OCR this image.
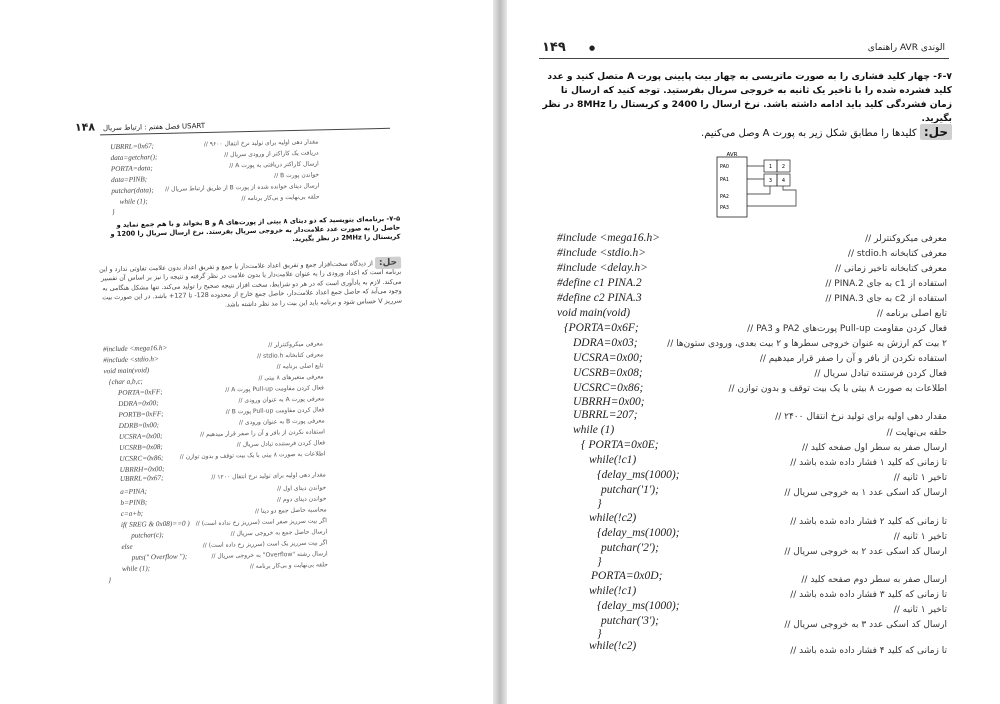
فصل هفتم : ارتباط سریال USART
۱۴۸
UBRRL=0x67;
data=getchar();
PORTA=data;
data=PINB;
putchar(data);
while (1);
}
مقدار دهی اولیه برای تولید نرخ انتقال ۹۶۰۰ //
دریافت یک کاراکتر از ورودی سریال //
ارسال کاراکتر دریافتی به پورت A //
خواندن پورت B //
ارسال دیتای خوانده شده از پورت B از طریق ارتباط سریال //
حلقه بی‌نهایت و بی‌کار برنامه //
۷-۵- برنامه‌ای بنویسید که دو دیتای ۸ بیتی از پورت‌های A و B بخواند و با هم جمع نماید و حاصل را به صورت عدد علامت‌دار به خروجی سریال بفرستد. نرخ ارسال سریال را 1200 و کریستال را 2MHz در نظر بگیرید.
حل: از دیدگاه سخت‌افزار جمع و تفریق اعداد علامت‌دار یا جمع و تفریق اعداد بدون علامت تفاوتی ندارد و این برنامه است که اعداد ورودی را به عنوان علامت‌دار یا بدون علامت در نظر گرفته و نتیجه را نیز بر اساس آن تفسیر می‌کند. لازم به یادآوری است که در هر دو شرایط، سخت افزار نتیجه صحیح را تولید می‌کند. تنها مشکل هنگامی به وجود می‌آید که حاصل جمع اعداد علامت‌دار، حاصل جمع خارج از محدوده 128- تا 127+ باشد. در این صورت بیت سرریز V حساس شود و برنامه باید این بیت را مد نظر داشته باشد.
#include <mega16.h>
#include <stdio.h>
void main(void)
{char a,b,c;
PORTA=0xFF;
DDRA=0x00;
PORTB=0xFF;
DDRB=0x00;
UCSRA=0x00;
UCSRB=0x08;
UCSRC=0x86;
UBRRH=0x00;
UBRRL=0x67;
a=PINA;
b=PINB;
c=a+b;
if( SREG & 0x08)==0 )
putchar(c);
else
puts(" Overflow ");
while (1);
}
معرفی میکروکنترلر //
معرفی کتابخانه stdio.h //
تابع اصلی برنامه //
معرفی متغیرهای ۸ بیتی //
فعال کردن مقاومت Pull-up پورت A //
معرفی پورت A به عنوان ورودی //
فعال کردن مقاومت Pull-up پورت B //
معرفی پورت B به عنوان ورودی //
استفاده نکردن از بافر و آن را صفر قرار میدهیم //
فعال کردن فرستنده تبادل سریال //
اطلاعات به صورت ۸ بیتی با یک بیت توقف و بدون توازن //
مقدار دهی اولیه برای تولید نرخ انتقال ۱۲۰۰ //
خواندن دیتای اول //
خواندن دیتای دوم //
محاسبه حاصل جمع دو دیتا //
اگر بیت سرریز صفر است (سرریز رخ نداده است) //
ارسال حاصل جمع به خروجی سریال //
اگر بیت سرریز یک است (سرریز رخ داده است) //
ارسال رشته "Overflow" به خروجی سریال //
حلقه بی‌نهایت و بی‌کار برنامه //
۱۴۹	●	راهنمای AVR الوندی
۶-۷- چهار کلید فشاری را به صورت ماتریسی به چهار بیت پایینی پورت A متصل کنید و عدد کلید فشرده شده را با تاخیر یک ثانیه به خروجی سریال بفرستید. توجه کنید که ارسال تا زمان فشردگی کلید باید ادامه داشته باشد. نرخ ارسال را 2400 و کریستال را 8MHz در نظر بگیرید.
حل: کلیدها را مطابق شکل زیر به پورت A وصل می‌کنیم.
AVR
PA0
PA1
PA2
PA3
1 2
3 4
#include <mega16.h>
#include <stdio.h>
#include <delay.h>
#define c1 PINA.2
#define c2 PINA.3
void main(void)
{PORTA=0x6F;
DDRA=0x03;
UCSRA=0x00;
UCSRB=0x08;
UCSRC=0x86;
UBRRH=0x00;
UBRRL=207;
while (1)
{ PORTA=0x0E;
while(!c1)
{delay_ms(1000);
putchar('1');
}
while(!c2)
{delay_ms(1000);
putchar('2');
}
PORTA=0x0D;
while(!c1)
{delay_ms(1000);
putchar('3');
}
while(!c2)
معرفی میکروکنترلر //
معرفی کتابخانه stdio.h //
معرفی کتابخانه تاخیر زمانی //
استفاده از c1 به جای PINA.2 //
استفاده از c2 به جای PINA.3 //
تابع اصلی برنامه //
فعال کردن مقاومت Pull-up پورت‌های PA2 و PA3 //
۲ بیت کم ارزش به عنوان خروجی سطرها و ۲ بیت بعدی، ورودی ستون‌ها //
استفاده نکردن از بافر و آن را صفر قرار میدهیم //
فعال کردن فرستنده تبادل سریال //
اطلاعات به صورت ۸ بیتی با یک بیت توقف و بدون توازن //
مقدار دهی اولیه برای تولید نرخ انتقال ۲۴۰۰ //
حلقه بی‌نهایت //
ارسال صفر به سطر اول صفحه کلید //
تا زمانی که کلید ۱ فشار داده شده باشد //
تاخیر ۱ ثانیه //
ارسال کد اسکی عدد ۱ به خروجی سریال //
تا زمانی که کلید ۲ فشار داده شده باشد //
تاخیر ۱ ثانیه //
ارسال کد اسکی عدد ۲ به خروجی سریال //
ارسال صفر به سطر دوم صفحه کلید //
تا زمانی که کلید ۳ فشار داده شده باشد //
تاخیر ۱ ثانیه //
ارسال کد اسکی عدد ۳ به خروجی سریال //
تا زمانی که کلید ۴ فشار داده شده باشد //
